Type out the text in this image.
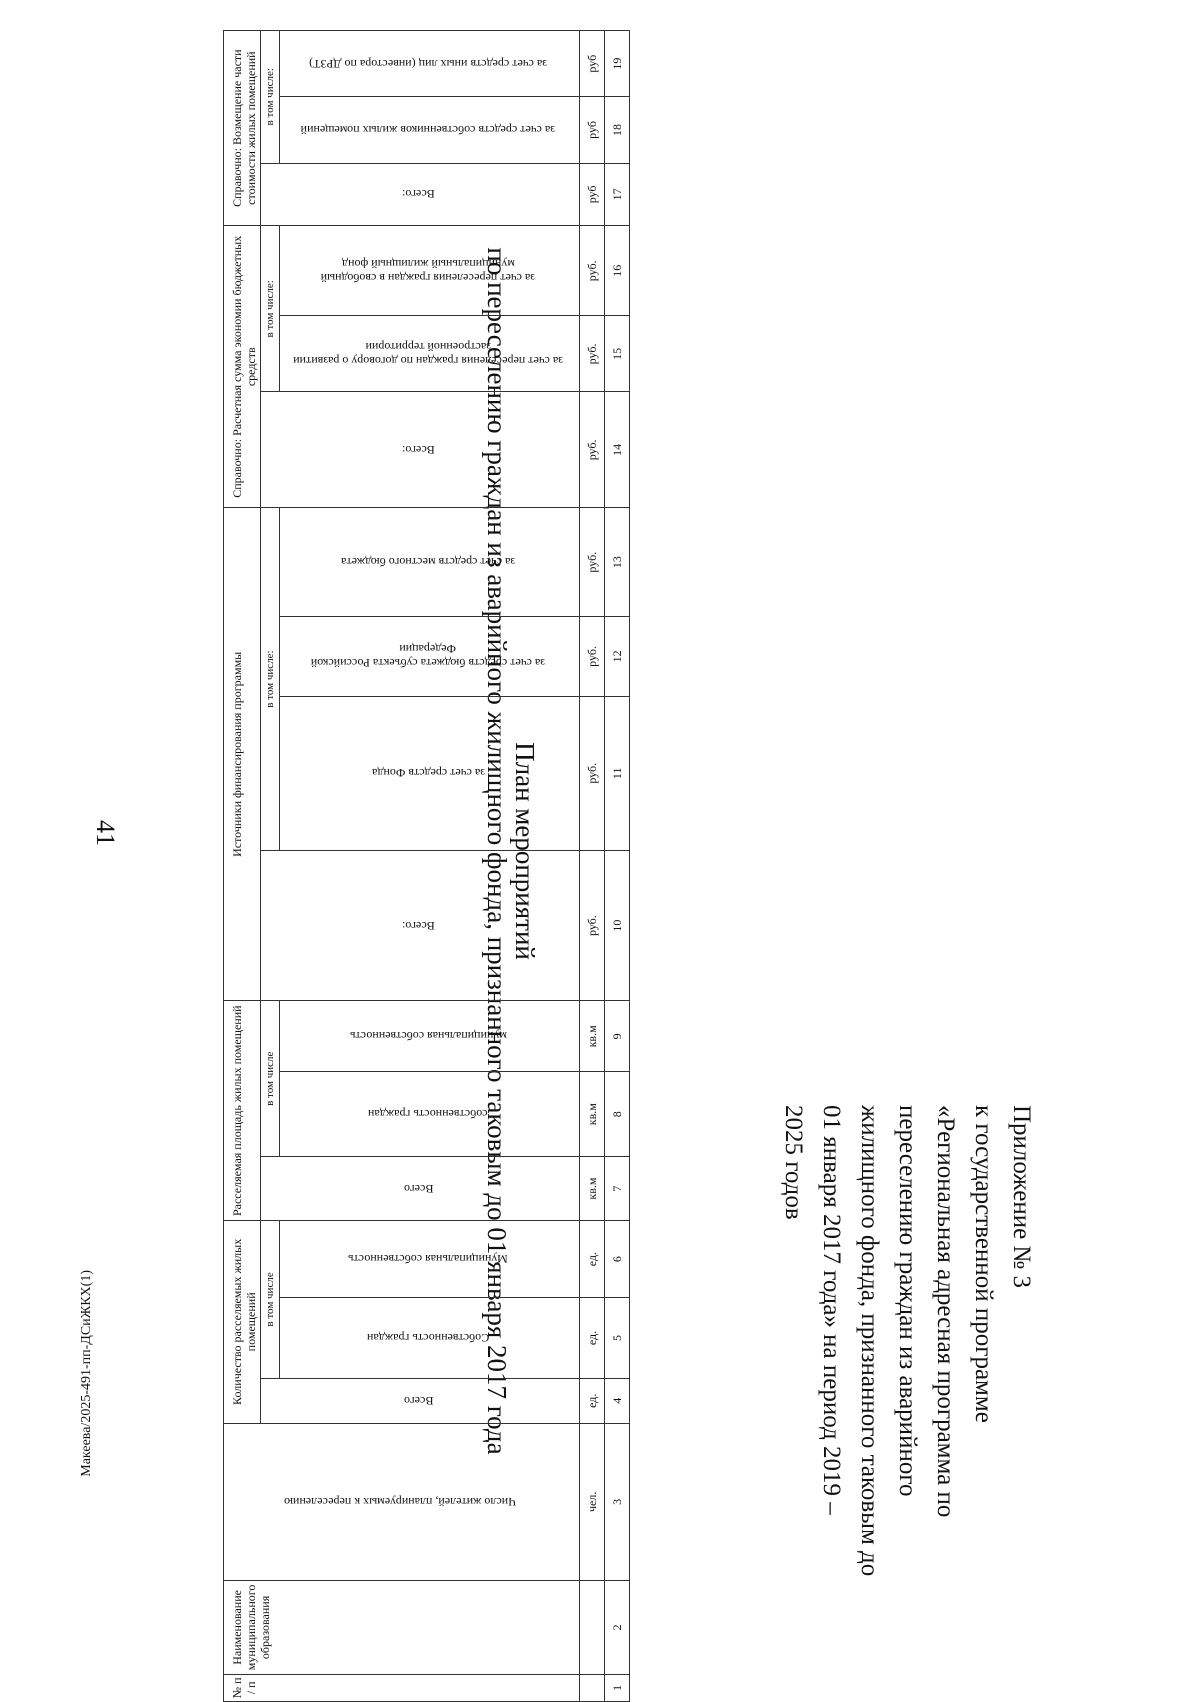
41
Приложение № 3
к государственной программе
«Региональная адресная программа по
переселению граждан из аварийного
жилищного фонда, признанного таковым до
01 января 2017 года» на период 2019 –
2025 годов
План мероприятий
по переселению граждан из аварийного жилищного фонда, признанного таковым до 01 января 2017 года
№ п / п	Наименование муниципального образования	Число жителей, планируемых к переселению	Количество расселяемых жилых помещений			Расселяемая площадь жилых помещений			Источники финансирования программы				Справочно: Расчетная сумма экономии бюджетных средств			Справочно: Возмещение части стоимости жилых помещений		
			Всего	в том числе		Всего	в том числе		Всего:	в том числе:			Всего:	в том числе:		Всего:	в том числе:	
				Собственность граждан	Муниципальная собственность		собственность граждан	муниципальная собственность		за счет средств Фонда	за счет средств бюджета субъекта Российской Федерации	за счет средств местного бюджета		за счет переселения граждан по договору о развитии застроенной территории	за счет переселения граждан в свободный муниципальный жилищный фонд		за счет средств собственников жилых помещений	за счет средств иных лиц (инвестора по ДРЗТ)
		чел.	ед.	ед.	ед.	кв.м	кв.м	кв.м	руб.	руб.	руб.	руб.	руб.	руб.	руб.	руб	руб	руб
1	2	3	4	5	6	7	8	9	10	11	12	13	14	15	16	17	18	19
Макеева/2025-491-пп-ДСиЖКХ(1)
